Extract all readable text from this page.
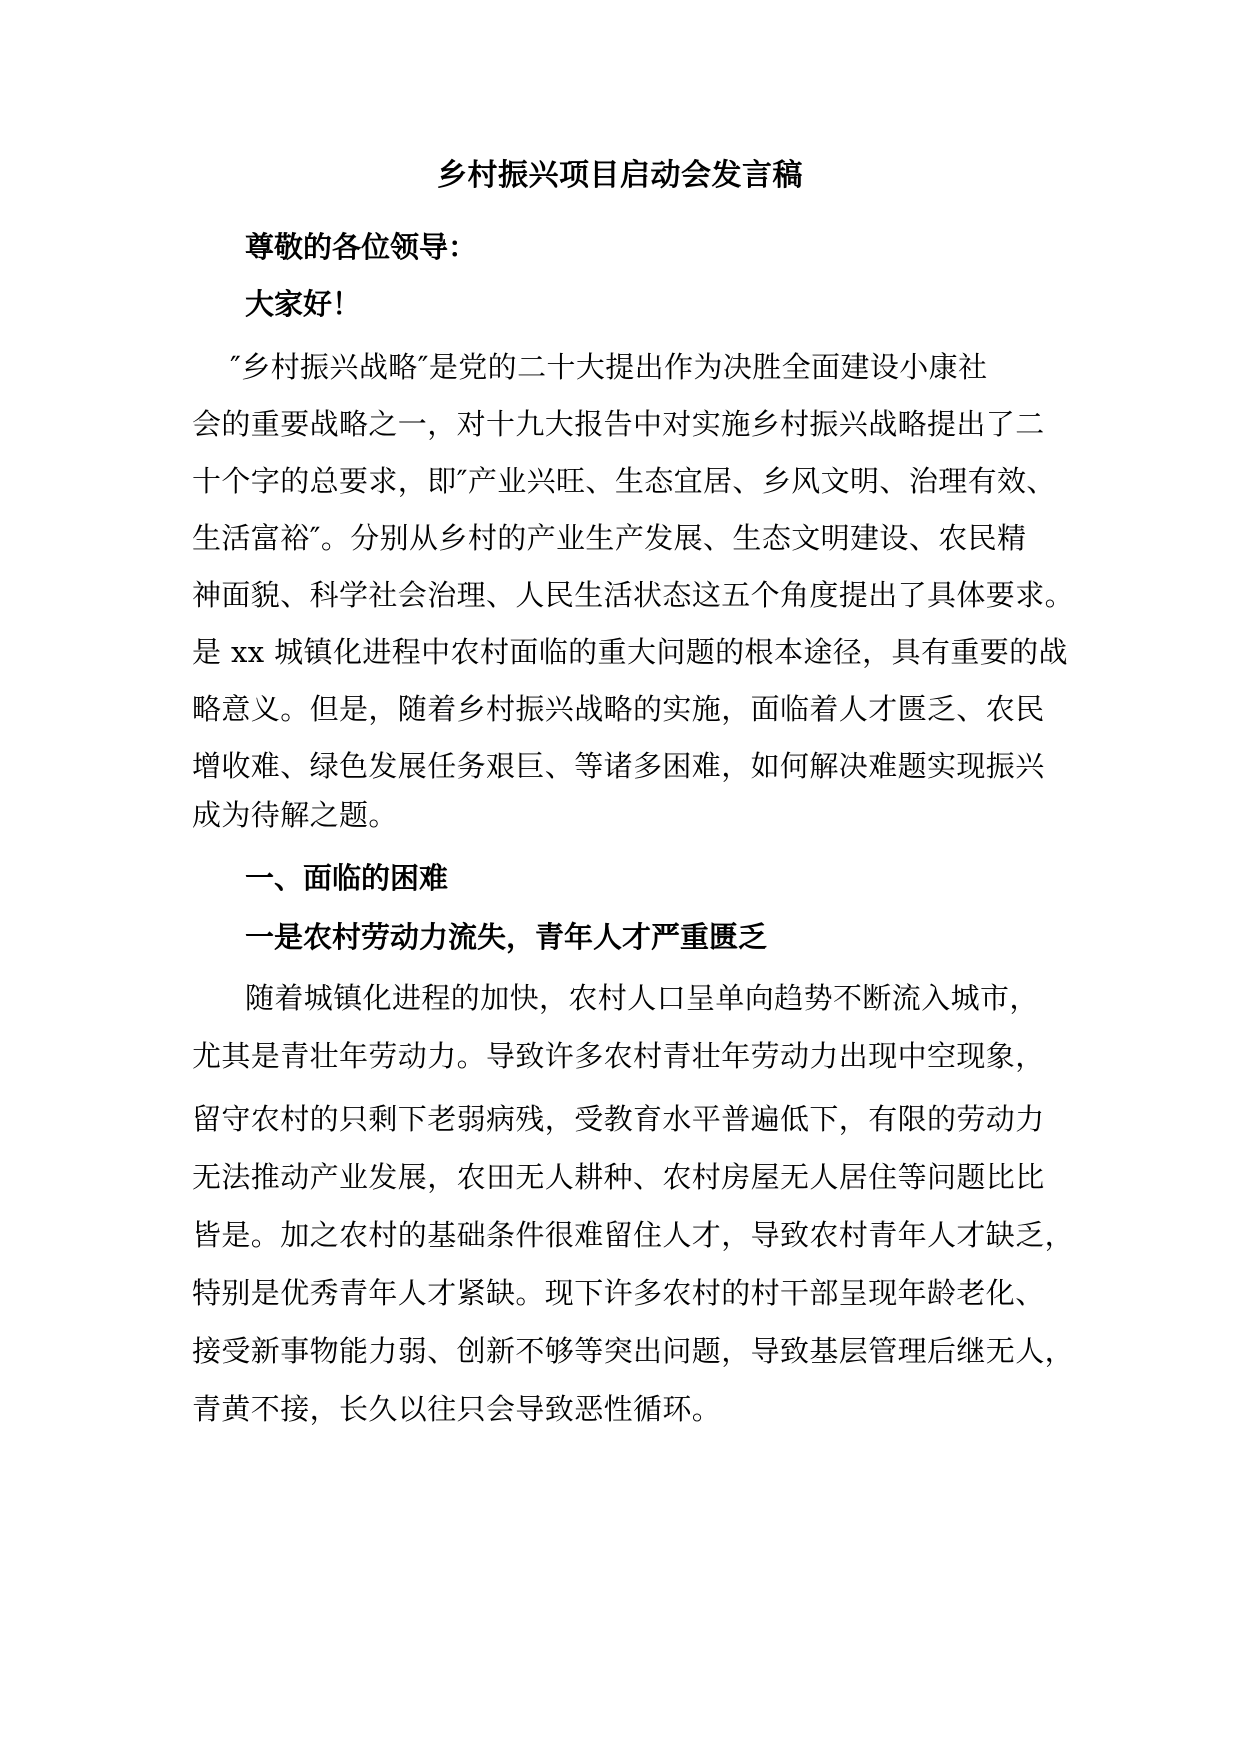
乡村振兴项目启动会发言稿
尊敬的各位领导：
大家好！
″乡村振兴战略″是党的二十大提出作为决胜全面建设小康社
会的重要战略之一，对十九大报告中对实施乡村振兴战略提出了二
十个字的总要求，即″产业兴旺、生态宜居、乡风文明、治理有效、
生活富裕″。分别从乡村的产业生产发展、生态文明建设、农民精
神面貌、科学社会治理、人民生活状态这五个角度提出了具体要求。
是 xx 城镇化进程中农村面临的重大问题的根本途径，具有重要的战
略意义。但是，随着乡村振兴战略的实施，面临着人才匮乏、农民
增收难、绿色发展任务艰巨、等诸多困难，如何解决难题实现振兴
成为待解之题。
一、面临的困难
一是农村劳动力流失，青年人才严重匮乏
随着城镇化进程的加快，农村人口呈单向趋势不断流入城市，
尤其是青壮年劳动力。导致许多农村青壮年劳动力出现中空现象，
留守农村的只剩下老弱病残，受教育水平普遍低下，有限的劳动力
无法推动产业发展，农田无人耕种、农村房屋无人居住等问题比比
皆是。加之农村的基础条件很难留住人才，导致农村青年人才缺乏，
特别是优秀青年人才紧缺。现下许多农村的村干部呈现年龄老化、
接受新事物能力弱、创新不够等突出问题，导致基层管理后继无人，
青黄不接，长久以往只会导致恶性循环。
